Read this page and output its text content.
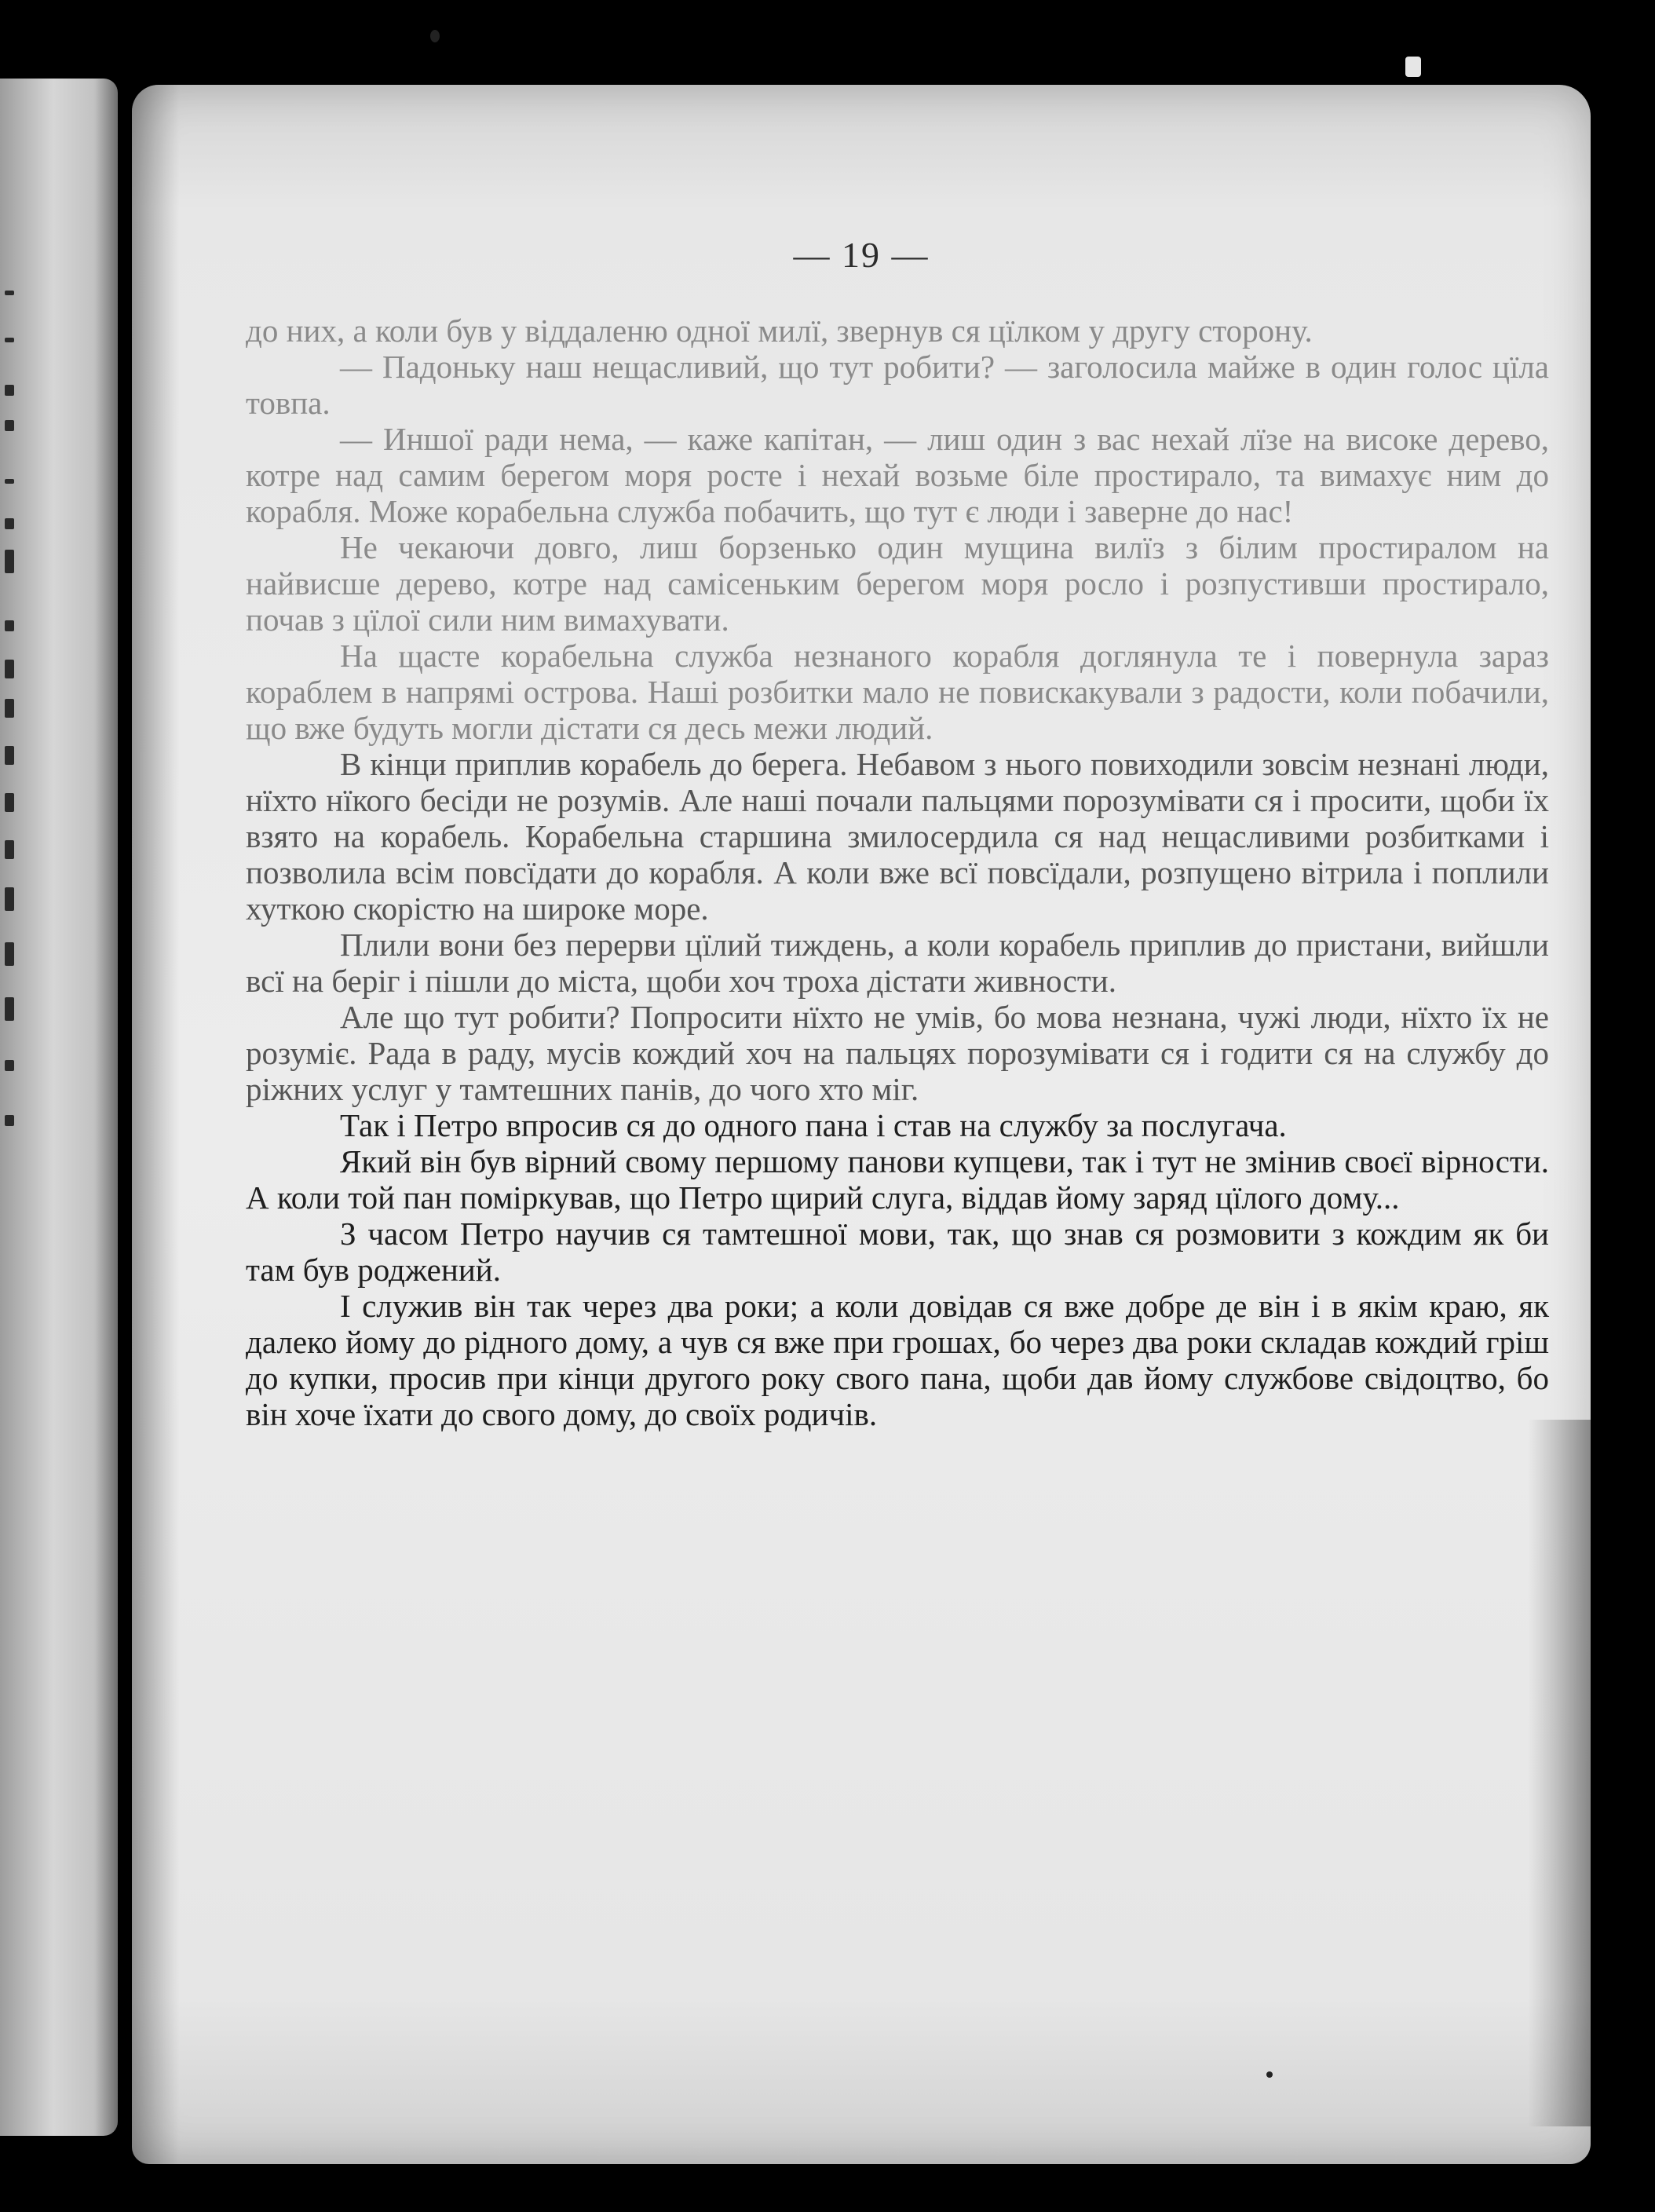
— 19 —

до них, а коли був у віддаленю одної милї, звернув ся цїлком у другу сторону.

— Падоньку наш нещасливий, що тут робити? — заголосила майже в один голос цїла товпа.

— Иншої ради нема, — каже капітан, — лиш один з вас нехай лїзе на високе дерево, котре над самим берегом моря росте і нехай возьме біле простирало, та вимахує ним до корабля. Може корабельна служба побачить, що тут є люди і заверне до нас!

Не чекаючи довго, лиш борзенько один мущина вилїз з білим простиралом на найвисше дерево, котре над самісеньким берегом моря росло і розпустивши простирало, почав з цїлої сили ним вимахувати.

На щасте корабельна служба незнаного корабля доглянула те і повернула зараз кораблем в напрямі острова. Наші розбитки мало не повискакували з радости, коли побачили, що вже будуть могли дістати ся десь межи людий.

В кінци приплив корабель до берега. Небавом з нього повиходили зовсім незнані люди, нїхто нїкого бесіди не розумів. Але наші почали пальцями порозумівати ся і просити, щоби їх взято на корабель. Корабельна старшина змилосердила ся над нещасливими розбитками і позволила всім повсїдати до корабля. А коли вже всї повсїдали, розпущено вітрила і поплили хуткою скорістю на широке море.

Плили вони без перерви цїлий тиждень, а коли корабель приплив до пристани, вийшли всї на беріг і пішли до міста, щоби хоч троха дістати живности.

Але що тут робити? Попросити нїхто не умів, бо мова незнана, чужі люди, нїхто їх не розуміє. Рада в раду, мусів кождий хоч на пальцях порозумівати ся і годити ся на службу до ріжних услуг у тамтешних панів, до чого хто міг.

Так і Петро впросив ся до одного пана і став на службу за послугача.

Який він був вірний свому першому панови купцеви, так і тут не змінив своєї вірности. А коли той пан поміркував, що Петро щирий слуга, віддав йому заряд цїлого дому...

З часом Петро научив ся тамтешної мови, так, що знав ся розмовити з кождим як би там був роджений.

І служив він так через два роки; а коли довідав ся вже добре де він і в якім краю, як далеко йому до рідного дому, а чув ся вже при грошах, бо через два роки складав кождий гріш до купки, просив при кінци другого року свого пана, щоби дав йому службове свідоцтво, бо він хоче їхати до свого дому, до своїх родичів.
